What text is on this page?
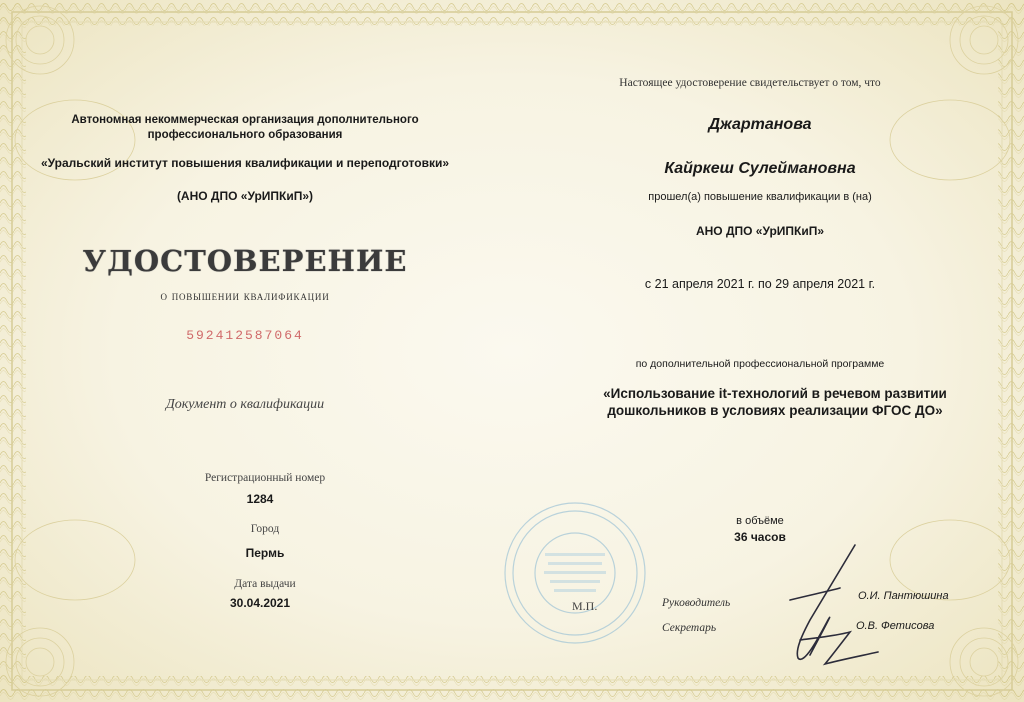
Автономная некоммерческая организация дополнительного профессионального образования
«Уральский институт повышения квалификации и переподготовки»
(АНО ДПО «УрИПКиП»)
УДОСТОВЕРЕНИЕ
о повышении квалификации
592412587064
Документ о квалификации
Регистрационный номер
1284
Город
Пермь
Дата выдачи
30.04.2021	М.П.
Настоящее удостоверение свидетельствует о том, что
Джартанова
Кайркеш Сулеймановна
прошел(а) повышение квалификации в (на)
АНО ДПО «УрИПКиП»
с 21 апреля 2021 г. по 29 апреля 2021 г.
по дополнительной профессиональной программе
«Использование it-технологий в речевом развитии дошкольников в условиях реализации ФГОС ДО»
в объёме
36 часов
Руководитель
Секретарь
О.И. Пантюшина
О.В. Фетисова
